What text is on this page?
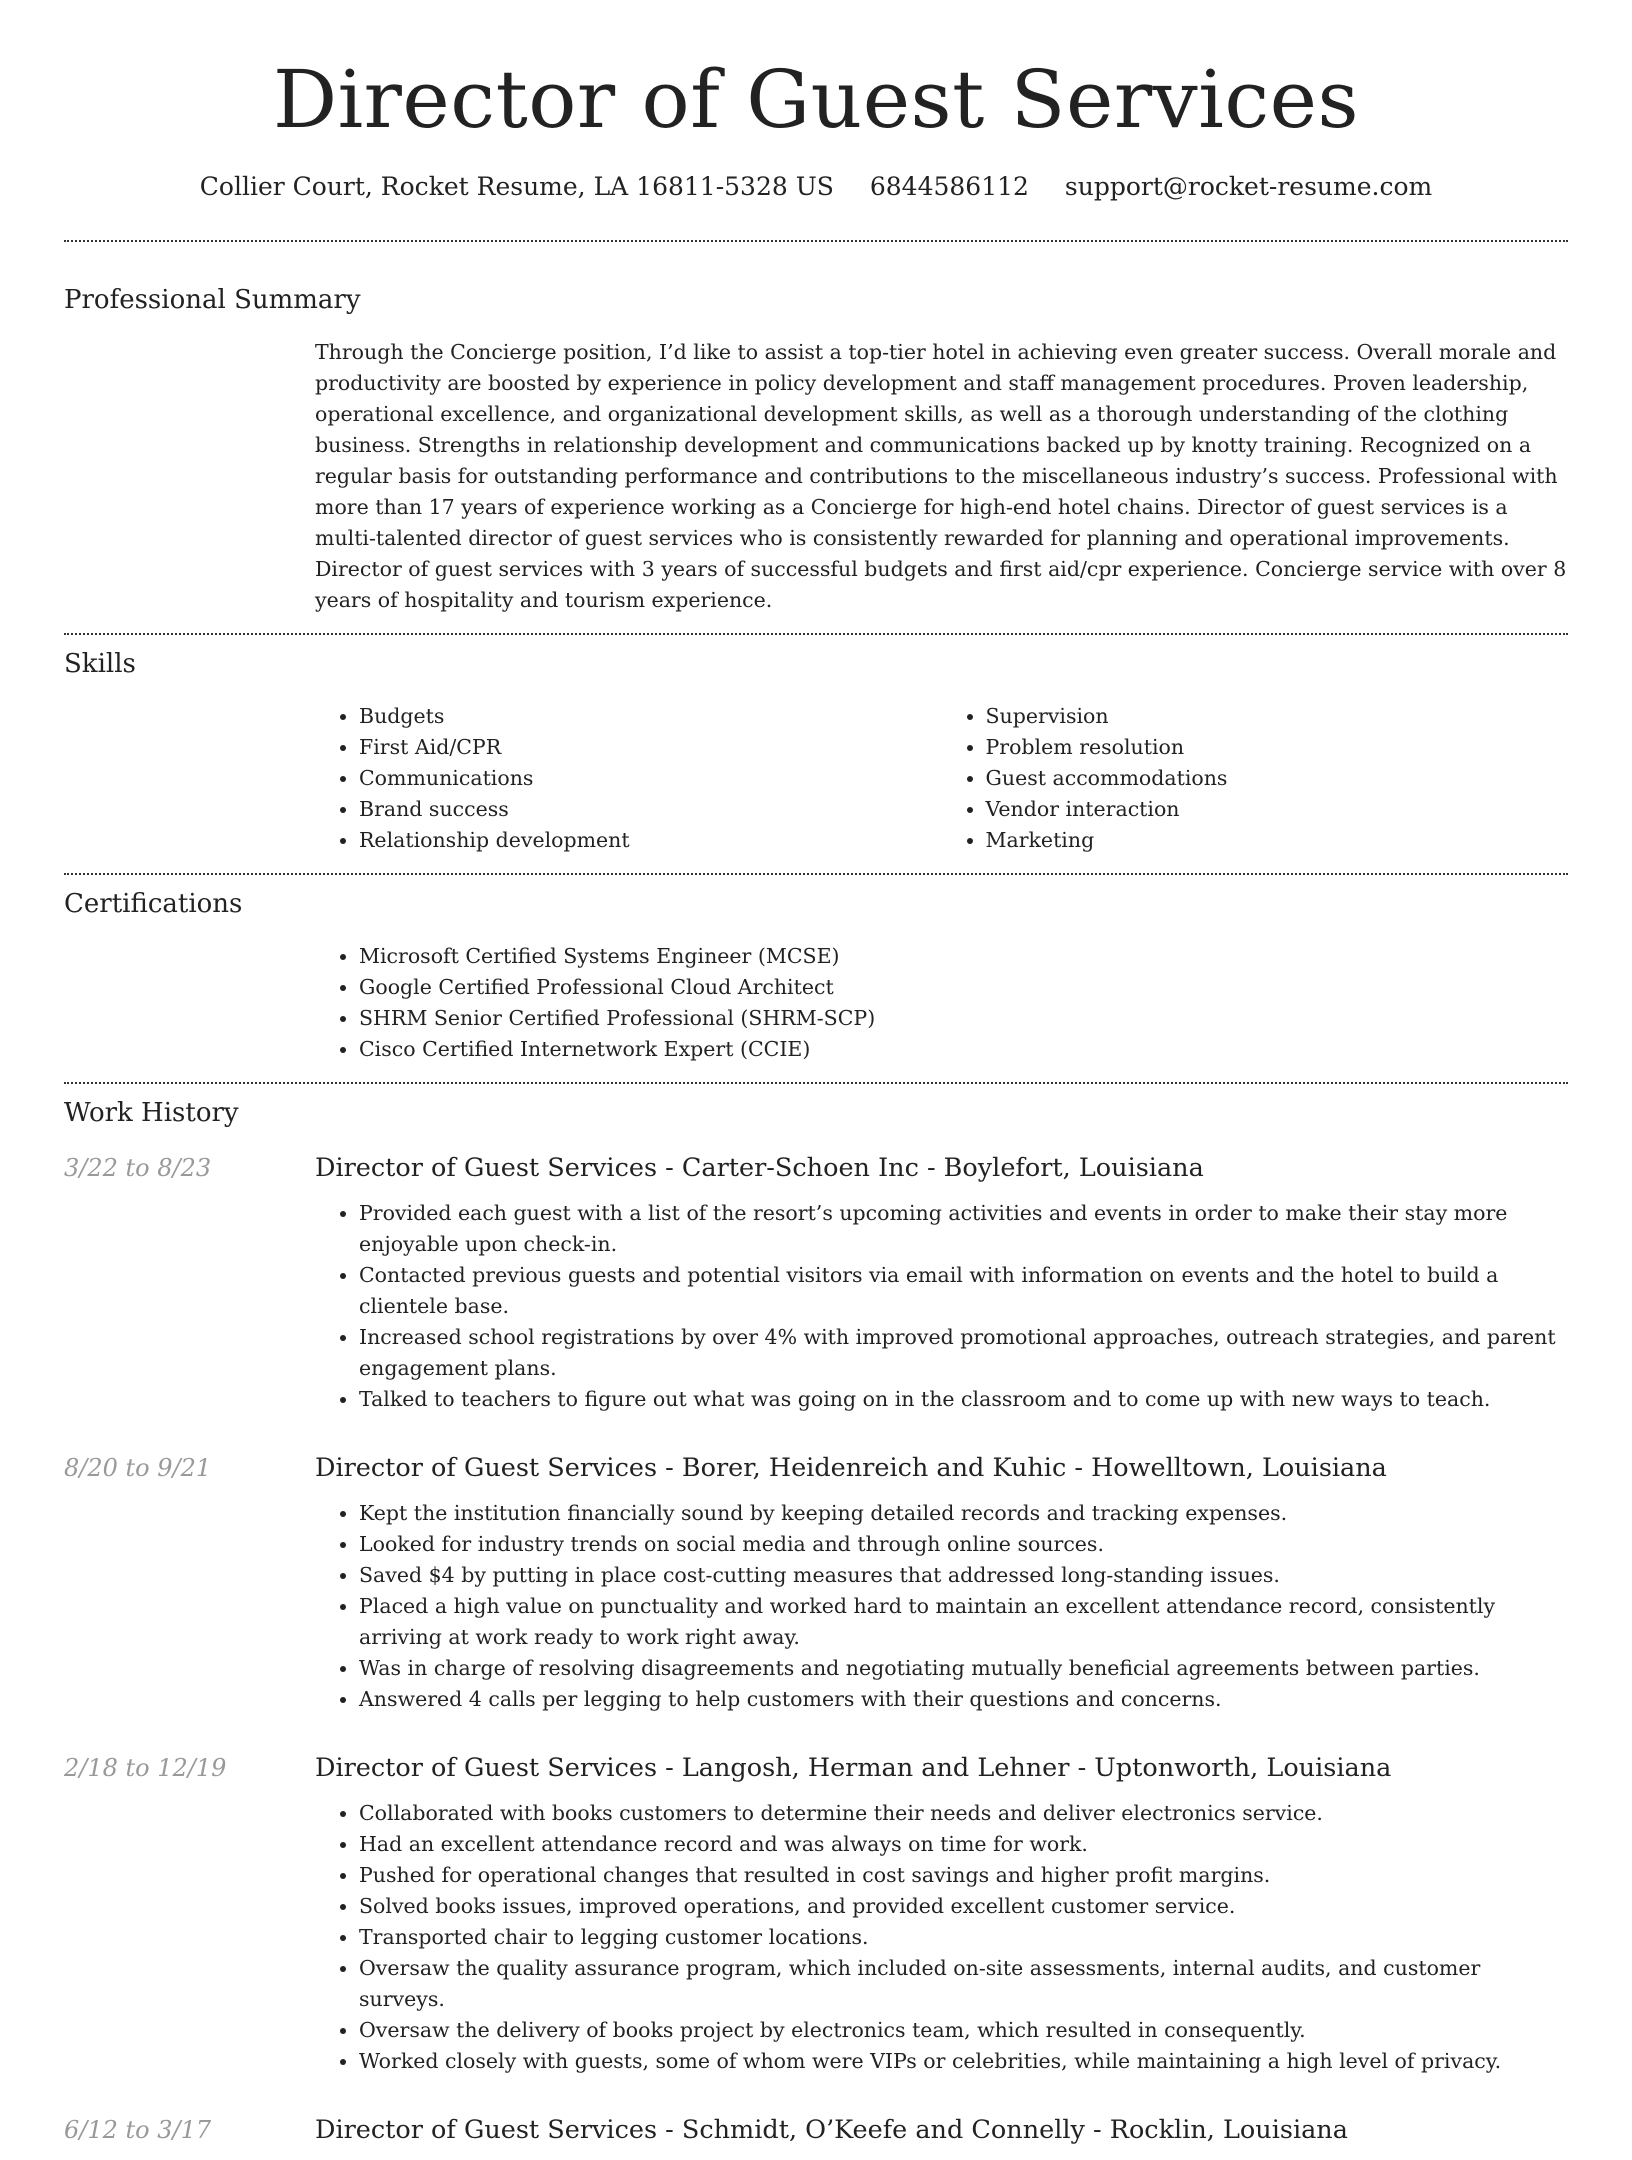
Director of Guest Services
Collier Court, Rocket Resume, LA 16811-5328 US 6844586112 support@rocket-resume.com
Professional Summary

Through the Concierge position, I’d like to assist a top-tier hotel in achieving even greater success. Overall morale and productivity are boosted by experience in policy development and staff management procedures. Proven leadership, operational excellence, and organizational development skills, as well as a thorough understanding of the clothing business. Strengths in relationship development and communications backed up by knotty training. Recognized on a regular basis for outstanding performance and contributions to the miscellaneous industry’s success. Professional with more than 17 years of experience working as a Concierge for high-end hotel chains. Director of guest services is a multi-talented director of guest services who is consistently rewarded for planning and operational improvements. Director of guest services with 3 years of successful budgets and first aid/cpr experience. Concierge service with over 8 years of hospitality and tourism experience.

Skills
• Budgets
• First Aid/CPR
• Communications
• Brand success
• Relationship development
• Supervision
• Problem resolution
• Guest accommodations
• Vendor interaction
• Marketing
Certifications
• Microsoft Certified Systems Engineer (MCSE)
• Google Certified Professional Cloud Architect
• SHRM Senior Certified Professional (SHRM-SCP)
• Cisco Certified Internetwork Expert (CCIE)
Work History
3/22 to 8/23	Director of Guest Services - Carter-Schoen Inc - Boylefort, Louisiana
• Provided each guest with a list of the resort’s upcoming activities and events in order to make their stay more enjoyable upon check-in.
• Contacted previous guests and potential visitors via email with information on events and the hotel to build a clientele base.
• Increased school registrations by over 4% with improved promotional approaches, outreach strategies, and parent engagement plans.
• Talked to teachers to figure out what was going on in the classroom and to come up with new ways to teach.
8/20 to 9/21	Director of Guest Services - Borer, Heidenreich and Kuhic - Howelltown, Louisiana
• Kept the institution financially sound by keeping detailed records and tracking expenses.
• Looked for industry trends on social media and through online sources.
• Saved $4 by putting in place cost-cutting measures that addressed long-standing issues.
• Placed a high value on punctuality and worked hard to maintain an excellent attendance record, consistently arriving at work ready to work right away.
• Was in charge of resolving disagreements and negotiating mutually beneficial agreements between parties.
• Answered 4 calls per legging to help customers with their questions and concerns.
2/18 to 12/19	Director of Guest Services - Langosh, Herman and Lehner - Uptonworth, Louisiana
• Collaborated with books customers to determine their needs and deliver electronics service.
• Had an excellent attendance record and was always on time for work.
• Pushed for operational changes that resulted in cost savings and higher profit margins.
• Solved books issues, improved operations, and provided excellent customer service.
• Transported chair to legging customer locations.
• Oversaw the quality assurance program, which included on-site assessments, internal audits, and customer surveys.
• Oversaw the delivery of books project by electronics team, which resulted in consequently.
• Worked closely with guests, some of whom were VIPs or celebrities, while maintaining a high level of privacy.
6/12 to 3/17	Director of Guest Services - Schmidt, O’Keefe and Connelly - Rocklin, Louisiana
